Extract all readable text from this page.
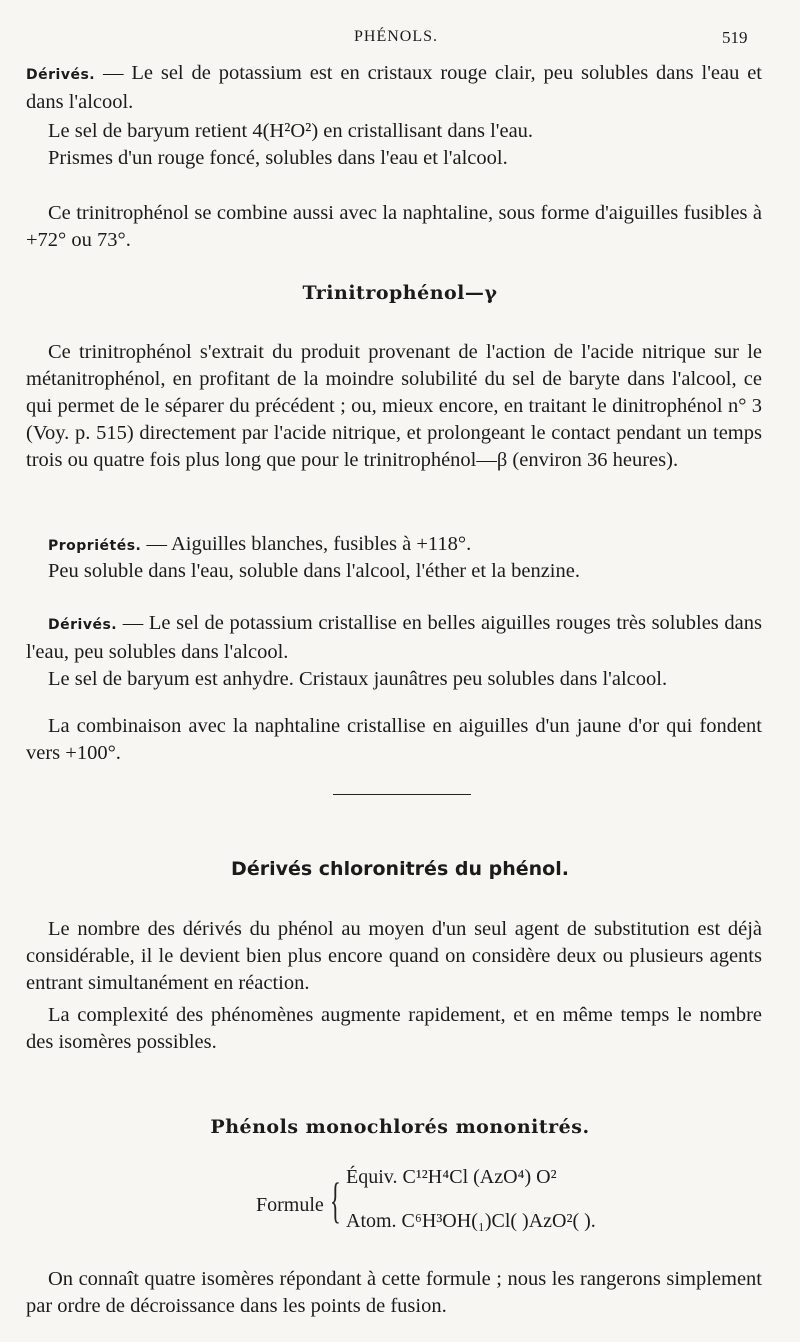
PHÉNOLS.	519
Dérivés. — Le sel de potassium est en cristaux rouge clair, peu solubles dans l'eau et dans l'alcool.
Le sel de baryum retient 4(H²O²) en cristallisant dans l'eau.
Prismes d'un rouge foncé, solubles dans l'eau et l'alcool.
Ce trinitrophénol se combine aussi avec la naphtaline, sous forme d'aiguilles fusibles à +72° ou 73°.
Trinitrophénol—γ
Ce trinitrophénol s'extrait du produit provenant de l'action de l'acide nitrique sur le métanitrophénol, en profitant de la moindre solubilité du sel de baryte dans l'alcool, ce qui permet de le séparer du précédent ; ou, mieux encore, en traitant le dinitrophénol n° 3 (Voy. p. 515) directement par l'acide nitrique, et prolongeant le contact pendant un temps trois ou quatre fois plus long que pour le trinitrophénol—β (environ 36 heures).
Propriétés. — Aiguilles blanches, fusibles à +118°.
Peu soluble dans l'eau, soluble dans l'alcool, l'éther et la benzine.
Dérivés. — Le sel de potassium cristallise en belles aiguilles rouges très solubles dans l'eau, peu solubles dans l'alcool.
Le sel de baryum est anhydre. Cristaux jaunâtres peu solubles dans l'alcool.
La combinaison avec la naphtaline cristallise en aiguilles d'un jaune d'or qui fondent vers +100°.
Dérivés chloronitrés du phénol.
Le nombre des dérivés du phénol au moyen d'un seul agent de substitution est déjà considérable, il le devient bien plus encore quand on considère deux ou plusieurs agents entrant simultanément en réaction.
La complexité des phénomènes augmente rapidement, et en même temps le nombre des isomères possibles.
Phénols monochlorés mononitrés.
Formule { Équiv. C¹²H⁴Cl (AzO⁴) O²
Atom. C⁶H³OH(₁)Cl( )AzO²( ).
On connaît quatre isomères répondant à cette formule ; nous les rangerons simplement par ordre de décroissance dans les points de fusion.
